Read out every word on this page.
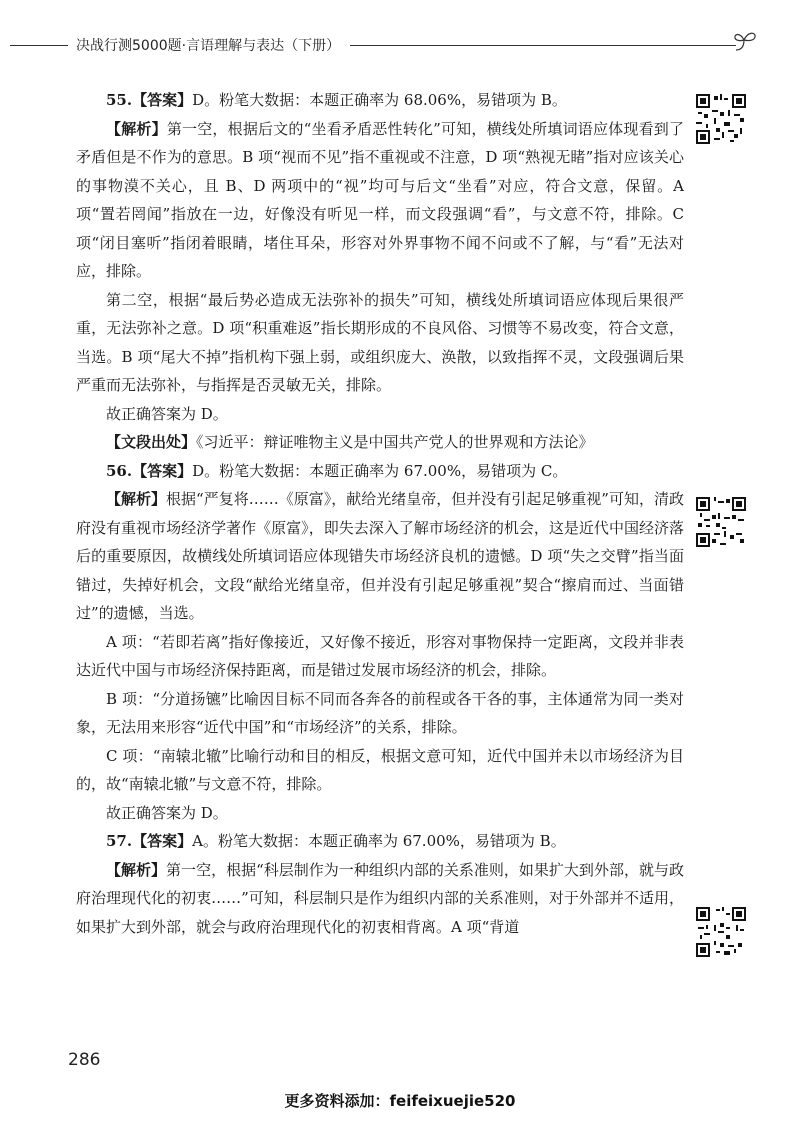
决战行测5000题·言语理解与表达（下册）

55.【答案】D。粉笔大数据：本题正确率为 68.06%，易错项为 B。

【解析】第一空，根据后文的“坐看矛盾恶性转化”可知，横线处所填词语应体现看到了矛盾但是不作为的意思。B 项“视而不见”指不重视或不注意，D 项“熟视无睹”指对应该关心的事物漠不关心，且 B、D 两项中的“视”均可与后文“坐看”对应，符合文意，保留。A 项“置若罔闻”指放在一边，好像没有听见一样，而文段强调“看”，与文意不符，排除。C 项“闭目塞听”指闭着眼睛，堵住耳朵，形容对外界事物不闻不问或不了解，与“看”无法对应，排除。

第二空，根据“最后势必造成无法弥补的损失”可知，横线处所填词语应体现后果很严重，无法弥补之意。D 项“积重难返”指长期形成的不良风俗、习惯等不易改变，符合文意，当选。B 项“尾大不掉”指机构下强上弱，或组织庞大、涣散，以致指挥不灵，文段强调后果严重而无法弥补，与指挥是否灵敏无关，排除。

故正确答案为 D。

【文段出处】《习近平：辩证唯物主义是中国共产党人的世界观和方法论》

56.【答案】D。粉笔大数据：本题正确率为 67.00%，易错项为 C。

【解析】根据“严复将……《原富》，献给光绪皇帝，但并没有引起足够重视”可知，清政府没有重视市场经济学著作《原富》，即失去深入了解市场经济的机会，这是近代中国经济落后的重要原因，故横线处所填词语应体现错失市场经济良机的遗憾。D 项“失之交臂”指当面错过，失掉好机会，文段“献给光绪皇帝，但并没有引起足够重视”契合“擦肩而过、当面错过”的遗憾，当选。

A 项：“若即若离”指好像接近，又好像不接近，形容对事物保持一定距离，文段并非表达近代中国与市场经济保持距离，而是错过发展市场经济的机会，排除。

B 项：“分道扬镳”比喻因目标不同而各奔各的前程或各干各的事，主体通常为同一类对象，无法用来形容“近代中国”和“市场经济”的关系，排除。

C 项：“南辕北辙”比喻行动和目的相反，根据文意可知，近代中国并未以市场经济为目的，故“南辕北辙”与文意不符，排除。

故正确答案为 D。

57.【答案】A。粉笔大数据：本题正确率为 67.00%，易错项为 B。

【解析】第一空，根据“科层制作为一种组织内部的关系准则，如果扩大到外部，就与政府治理现代化的初衷……”可知，科层制只是作为组织内部的关系准则，对于外部并不适用，如果扩大到外部，就会与政府治理现代化的初衷相背离。A 项“背道

286
更多资料添加：feifeixuejie520
